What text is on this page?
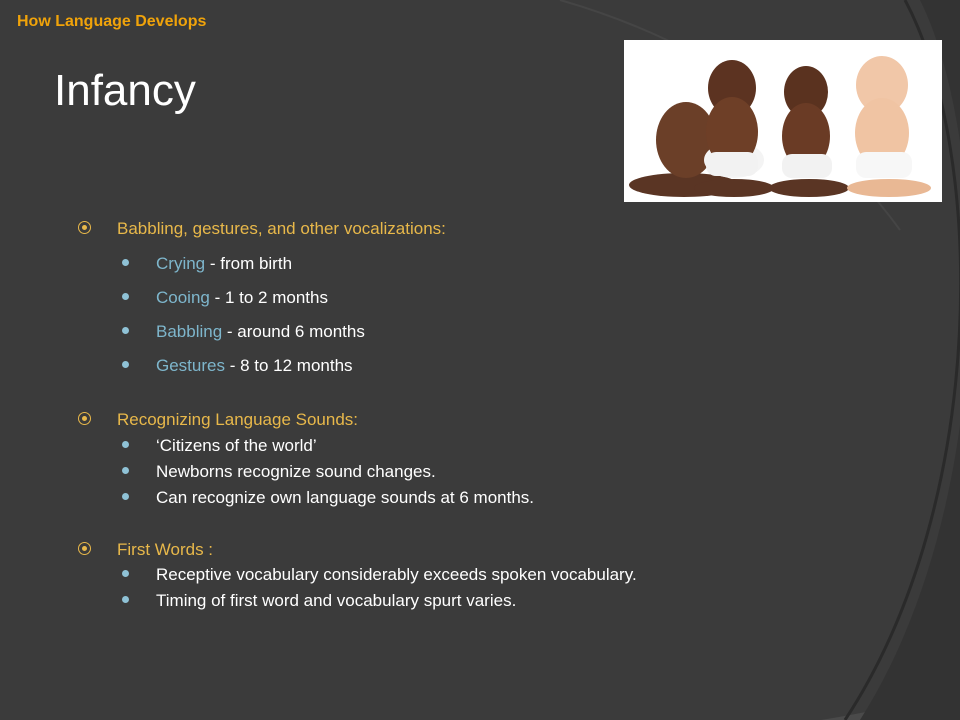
How Language Develops
Infancy
Babbling, gestures, and other vocalizations:
Crying - from birth
Cooing - 1 to 2 months
Babbling - around 6 months
Gestures - 8 to 12 months
Recognizing Language Sounds:
‘Citizens of the world’
Newborns recognize sound changes.
Can recognize own language sounds at 6 months.
First Words :
Receptive vocabulary considerably exceeds spoken vocabulary.
Timing of first word and vocabulary spurt varies.
